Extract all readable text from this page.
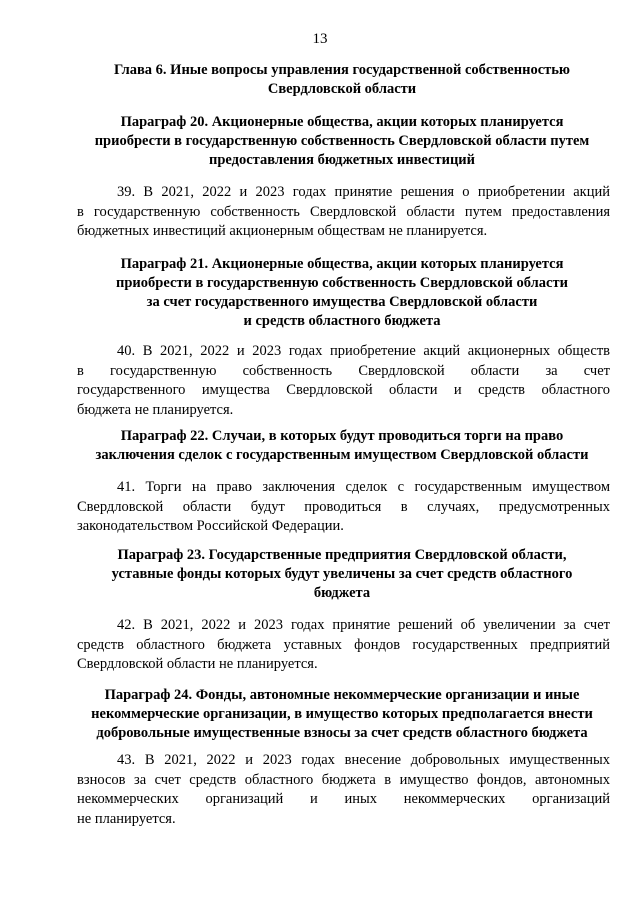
13
Глава 6. Иные вопросы управления государственной собственностью
Свердловской области
Параграф 20. Акционерные общества, акции которых планируется
приобрести в государственную собственность Свердловской области путем
предоставления бюджетных инвестиций
39. В 2021, 2022 и 2023 годах принятие решения о приобретении акций
в государственную собственность Свердловской области путем предоставления
бюджетных инвестиций акционерным обществам не планируется.
Параграф 21. Акционерные общества, акции которых планируется
приобрести в государственную собственность Свердловской области
за счет государственного имущества Свердловской области
и средств областного бюджета
40. В 2021, 2022 и 2023 годах приобретение акций акционерных обществ
в государственную собственность Свердловской области за счет
государственного имущества Свердловской области и средств областного
бюджета не планируется.
Параграф 22. Случаи, в которых будут проводиться торги на право
заключения сделок с государственным имуществом Свердловской области
41. Торги на право заключения сделок с государственным имуществом
Свердловской области будут проводиться в случаях, предусмотренных
законодательством Российской Федерации.
Параграф 23. Государственные предприятия Свердловской области,
уставные фонды которых будут увеличены за счет средств областного
бюджета
42. В 2021, 2022 и 2023 годах принятие решений об увеличении за счет
средств областного бюджета уставных фондов государственных предприятий
Свердловской области не планируется.
Параграф 24. Фонды, автономные некоммерческие организации и иные
некоммерческие организации, в имущество которых предполагается внести
добровольные имущественные взносы за счет средств областного бюджета
43. В 2021, 2022 и 2023 годах внесение добровольных имущественных
взносов за счет средств областного бюджета в имущество фондов, автономных
некоммерческих организаций и иных некоммерческих организаций
не планируется.
